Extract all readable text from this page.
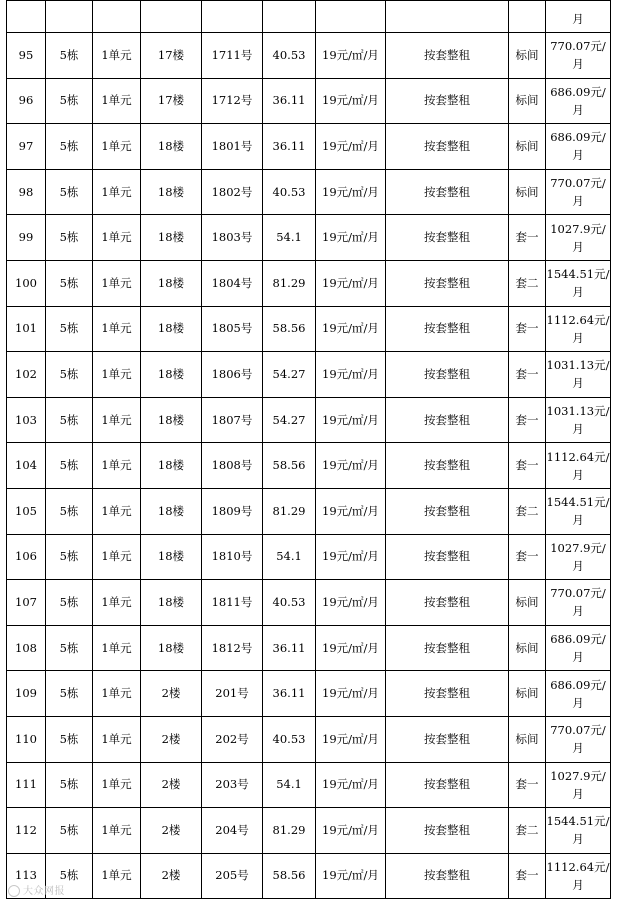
									月
95	5栋	1单元	17楼	1711号	40.53	19元/㎡/月	按套整租	标间	770.07元/
月
96	5栋	1单元	17楼	1712号	36.11	19元/㎡/月	按套整租	标间	686.09元/
月
97	5栋	1单元	18楼	1801号	36.11	19元/㎡/月	按套整租	标间	686.09元/
月
98	5栋	1单元	18楼	1802号	40.53	19元/㎡/月	按套整租	标间	770.07元/
月
99	5栋	1单元	18楼	1803号	54.1	19元/㎡/月	按套整租	套一	1027.9元/
月
100	5栋	1单元	18楼	1804号	81.29	19元/㎡/月	按套整租	套二	1544.51元/
月
101	5栋	1单元	18楼	1805号	58.56	19元/㎡/月	按套整租	套一	1112.64元/
月
102	5栋	1单元	18楼	1806号	54.27	19元/㎡/月	按套整租	套一	1031.13元/
月
103	5栋	1单元	18楼	1807号	54.27	19元/㎡/月	按套整租	套一	1031.13元/
月
104	5栋	1单元	18楼	1808号	58.56	19元/㎡/月	按套整租	套一	1112.64元/
月
105	5栋	1单元	18楼	1809号	81.29	19元/㎡/月	按套整租	套二	1544.51元/
月
106	5栋	1单元	18楼	1810号	54.1	19元/㎡/月	按套整租	套一	1027.9元/
月
107	5栋	1单元	18楼	1811号	40.53	19元/㎡/月	按套整租	标间	770.07元/
月
108	5栋	1单元	18楼	1812号	36.11	19元/㎡/月	按套整租	标间	686.09元/
月
109	5栋	1单元	2楼	201号	36.11	19元/㎡/月	按套整租	标间	686.09元/
月
110	5栋	1单元	2楼	202号	40.53	19元/㎡/月	按套整租	标间	770.07元/
月
111	5栋	1单元	2楼	203号	54.1	19元/㎡/月	按套整租	套一	1027.9元/
月
112	5栋	1单元	2楼	204号	81.29	19元/㎡/月	按套整租	套二	1544.51元/
月
113	5栋	1单元	2楼	205号	58.56	19元/㎡/月	按套整租	套一	1112.64元/
月
大众网报
